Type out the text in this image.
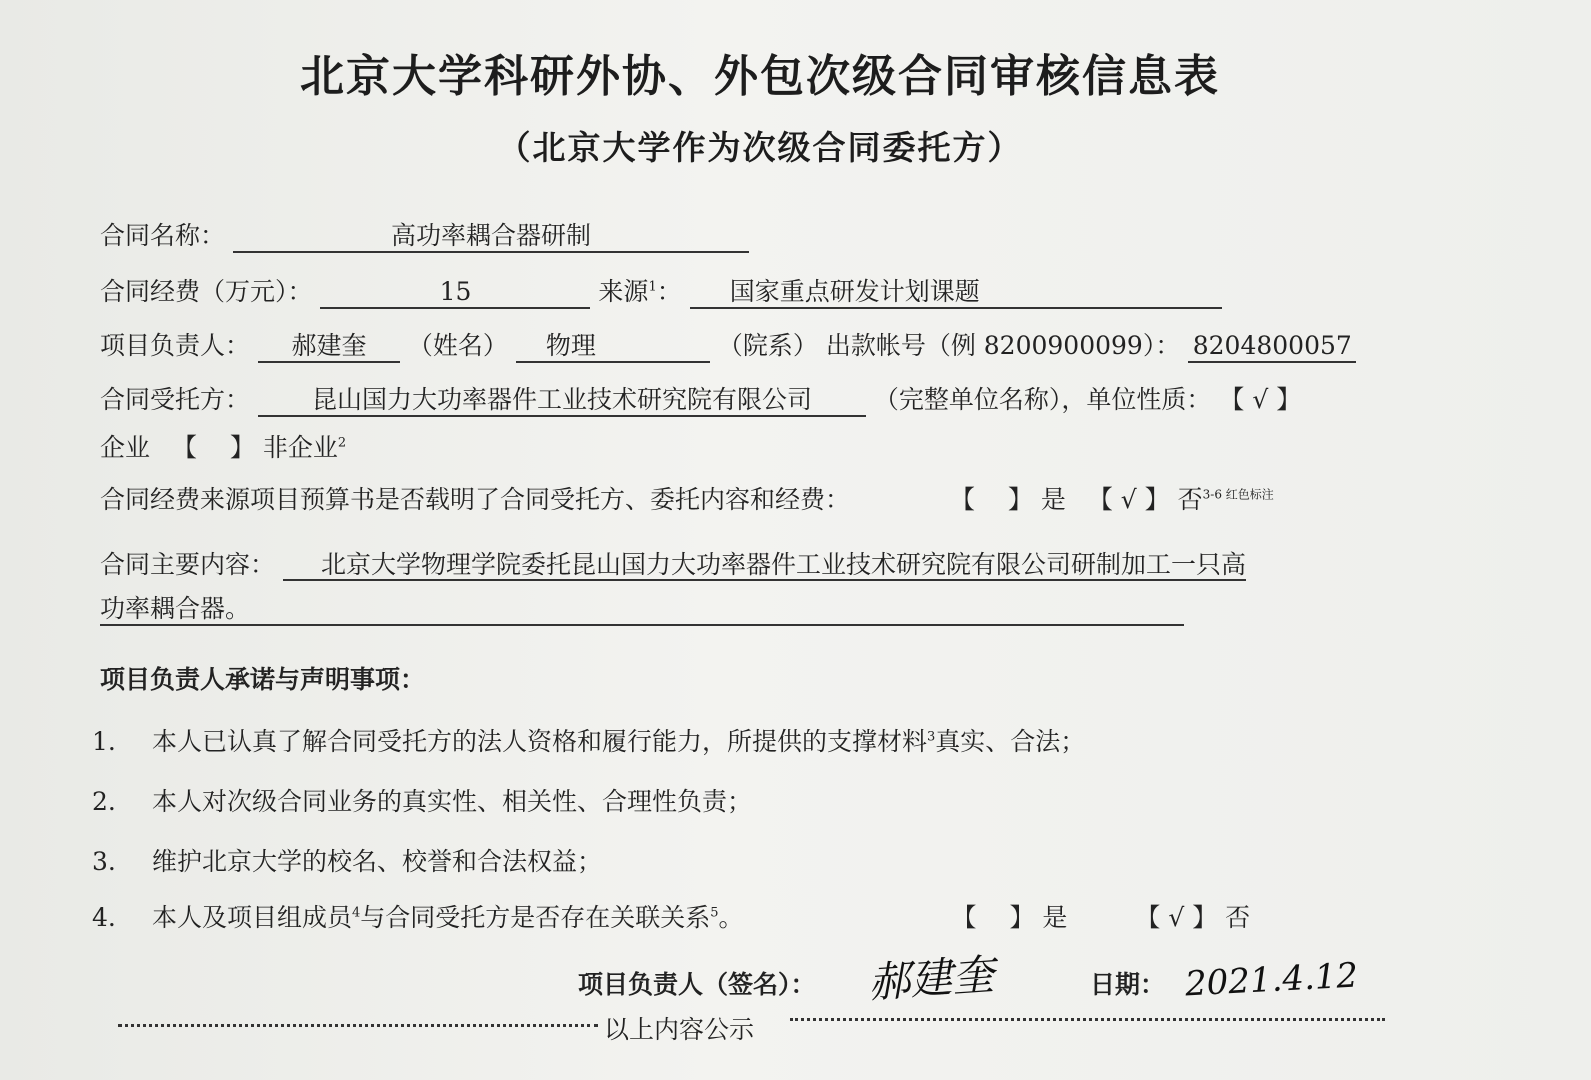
北京大学科研外协、外包次级合同审核信息表
（北京大学作为次级合同委托方）
合同名称：	高功率耦合器研制
合同经费（万元）：	15	来源$^1$： 国家重点研发计划课题
项目负责人： 郝建奎 （姓名） 物理	（院系） 出款帐号（例 8200900099）： 8204800057
合同受托方： 昆山国力大功率器件工业技术研究院有限公司 （完整单位名称），单位性质： 【 √ 】
企业 【　 】 非企业$^2$
合同经费来源项目预算书是否载明了合同受托方、委托内容和经费：	【　 】 是 【 √ 】 否$^{3-6 红色标注}$
合同主要内容： 北京大学物理学院委托昆山国力大功率器件工业技术研究院有限公司研制加工一只高
功率耦合器。
项目负责人承诺与声明事项：
1. 本人已认真了解合同受托方的法人资格和履行能力，所提供的支撑材料$^3$真实、合法；
2. 本人对次级合同业务的真实性、相关性、合理性负责；
3. 维护北京大学的校名、校誉和合法权益；
4. 本人及项目组成员$^4$与合同受托方是否存在关联关系$^5$。	【　 】 是	【 √ 】 否
项目负责人（签名）： 郝建奎	日期： 2021.4.12
以上内容公示
